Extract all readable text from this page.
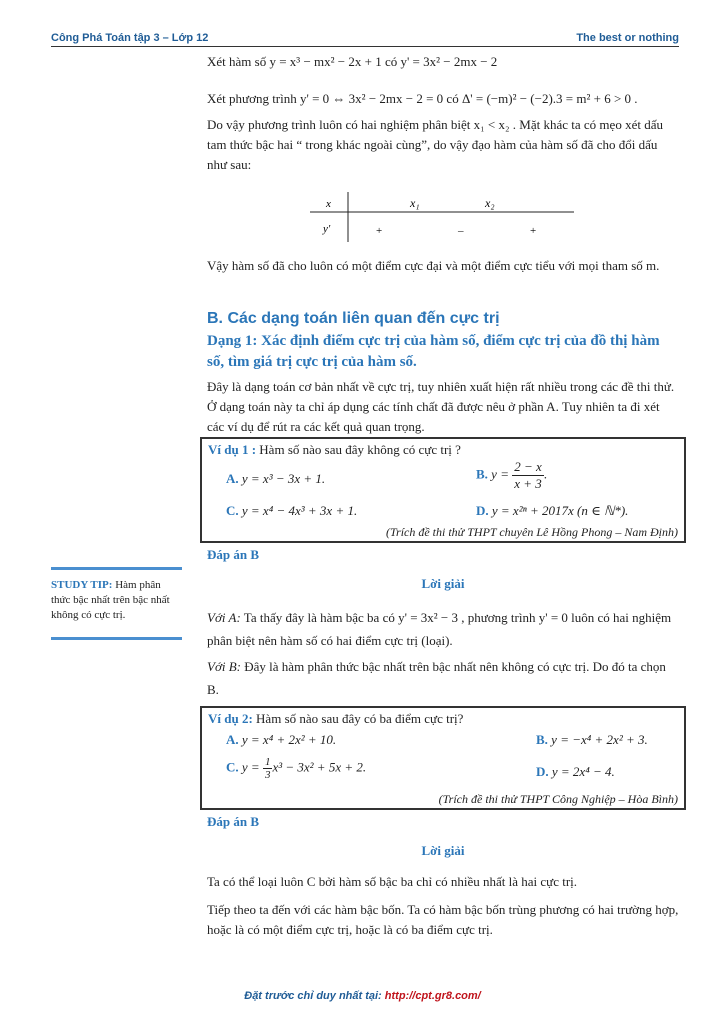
Công Phá Toán tập 3 – Lớp 12	The best or nothing
Xét hàm số y = x³ − mx² − 2x + 1 có y' = 3x² − 2mx − 2
Xét phương trình y' = 0 ⇔ 3x² − 2mx − 2 = 0 có Δ' = (−m)² − (−2).3 = m² + 6 > 0 .
Do vậy phương trình luôn có hai nghiệm phân biệt x₁ < x₂ . Mặt khác ta có mẹo xét dấu tam thức bậc hai “ trong khác ngoài cùng”, do vậy đạo hàm của hàm số đã cho đổi dấu như sau:
x	x₁	x₂
y'	+	–	+
Vậy hàm số đã cho luôn có một điểm cực đại và một điểm cực tiểu với mọi tham số m.
B. Các dạng toán liên quan đến cực trị
Dạng 1: Xác định điểm cực trị của hàm số, điểm cực trị của đồ thị hàm số, tìm giá trị cực trị của hàm số.
Đây là dạng toán cơ bản nhất về cực trị, tuy nhiên xuất hiện rất nhiều trong các đề thi thử. Ở dạng toán này ta chỉ áp dụng các tính chất đã được nêu ở phần A. Tuy nhiên ta đi xét các ví dụ để rút ra các kết quả quan trọng.
Ví dụ 1 : Hàm số nào sau đây không có cực trị ?
A. y = x³ − 3x + 1.	B. $y = \frac{2 - x}{x + 3}$ .
C. y = x⁴ − 4x³ + 3x + 1.	D. y = x²ⁿ + 2017x (n ∈ ℕ*).
(Trích đề thi thử THPT chuyên Lê Hồng Phong – Nam Định)
Đáp án B
STUDY TIP: Hàm phân thức bậc nhất trên bậc nhất không có cực trị.
Lời giải
Với A: Ta thấy đây là hàm bậc ba có y' = 3x² − 3 , phương trình y' = 0 luôn có hai nghiệm phân biệt nên hàm số có hai điểm cực trị (loại).
Với B: Đây là hàm phân thức bậc nhất trên bậc nhất nên không có cực trị. Do đó ta chọn B.
Ví dụ 2: Hàm số nào sau đây có ba điểm cực trị?
A. y = x⁴ + 2x² + 10.	B. y = −x⁴ + 2x² + 3.
C. $y = \frac{1}{3} x^3 - 3x^2 + 5x + 2$.	D. y = 2x⁴ − 4.
(Trích đề thi thử THPT Công Nghiệp – Hòa Bình)
Đáp án B
Lời giải
Ta có thể loại luôn C bởi hàm số bậc ba chỉ có nhiều nhất là hai cực trị.
Tiếp theo ta đến với các hàm bậc bốn. Ta có hàm bậc bốn trùng phương có hai trường hợp, hoặc là có một điểm cực trị, hoặc là có ba điểm cực trị.
Đặt trước chỉ duy nhất tại: http://cpt.gr8.com/
